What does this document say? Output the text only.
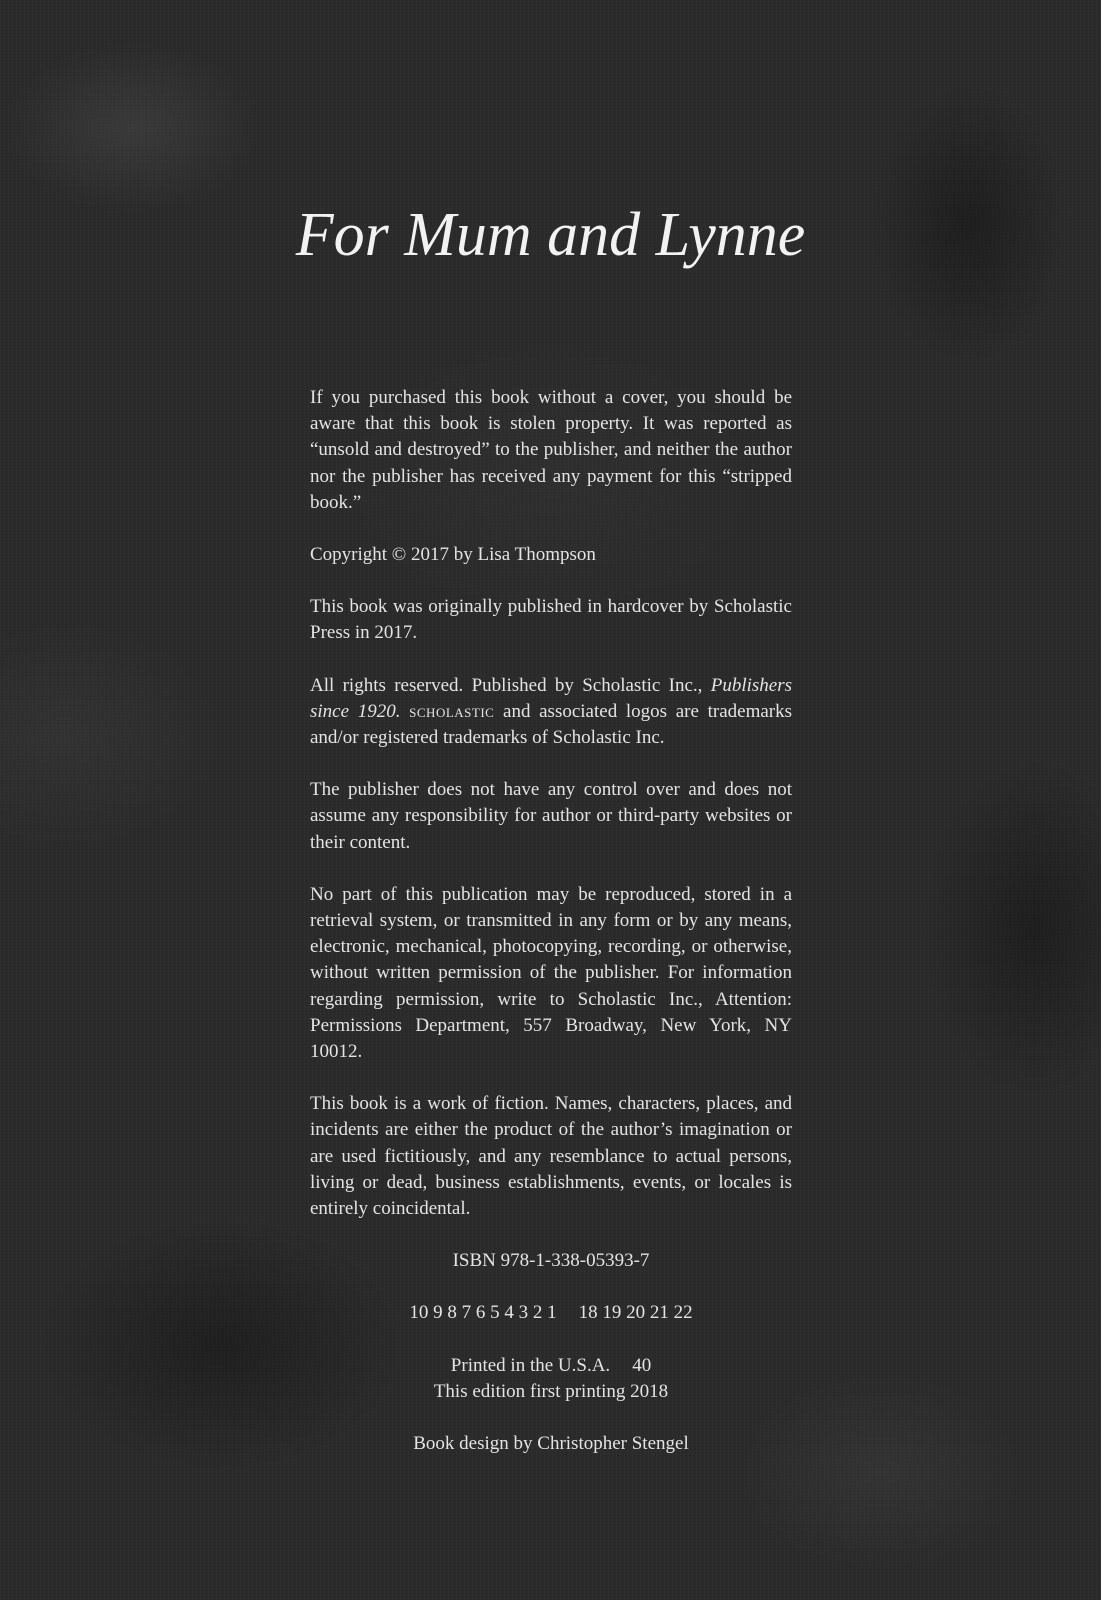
For Mum and Lynne

If you purchased this book without a cover, you should be aware that this book is stolen property. It was reported as “unsold and destroyed” to the publisher, and neither the author nor the publisher has received any payment for this “stripped book.”

Copyright © 2017 by Lisa Thompson

This book was originally published in hardcover by Scholastic Press in 2017.

All rights reserved. Published by Scholastic Inc., Publishers since 1920. scholastic and associated logos are trademarks and/or registered trademarks of Scholastic Inc.

The publisher does not have any control over and does not assume any responsibility for author or third-party websites or their content.

No part of this publication may be reproduced, stored in a retrieval system, or transmitted in any form or by any means, electronic, mechanical, photocopying, recording, or otherwise, without written permission of the publisher. For information regarding permission, write to Scholastic Inc., Attention: Permissions Department, 557 Broadway, New York, NY 10012.

This book is a work of fiction. Names, characters, places, and incidents are either the product of the author’s imagination or are used fictitiously, and any resemblance to actual persons, living or dead, business establishments, events, or locales is entirely coincidental.

ISBN 978-1-338-05393-7

10 9 8 7 6 5 4 3 2 1 18 19 20 21 22

Printed in the U.S.A. 40

This edition first printing 2018

Book design by Christopher Stengel
